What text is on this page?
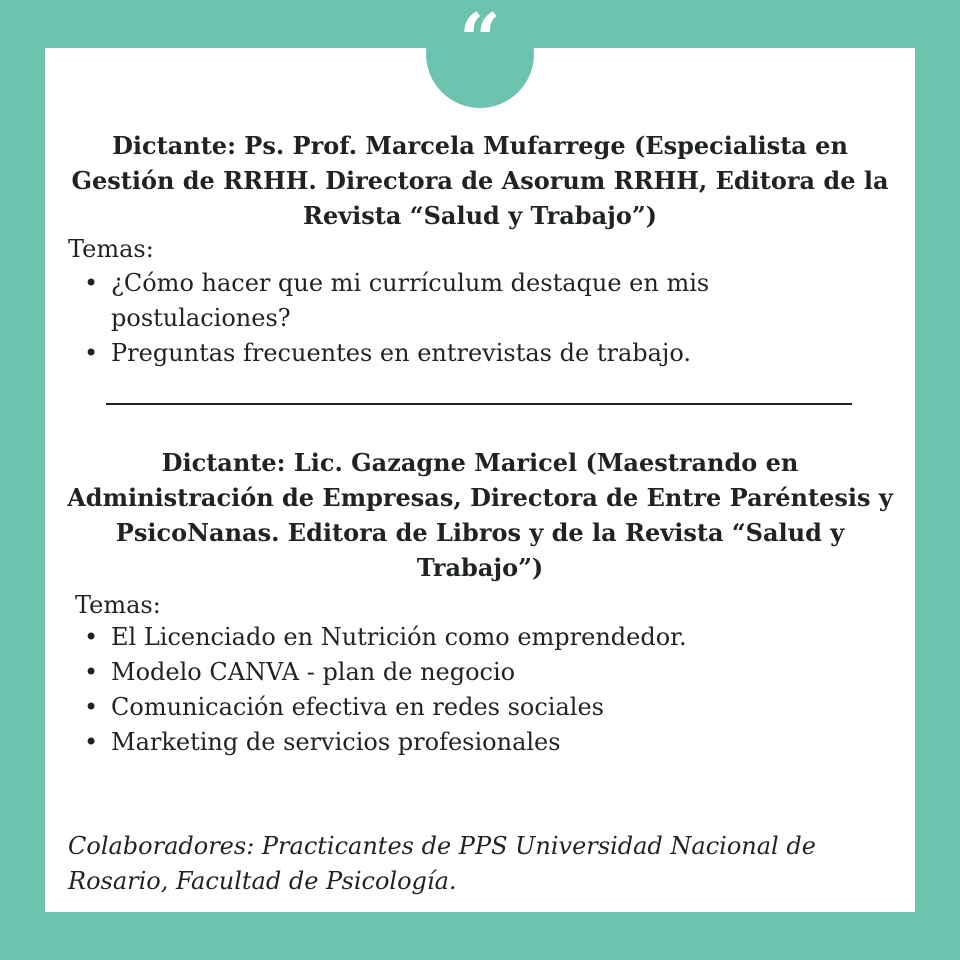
“
Dictante: Ps. Prof. Marcela Mufarrege (Especialista en Gestión de RRHH. Directora de Asorum RRHH, Editora de la Revista “Salud y Trabajo”)
Temas:
• ¿Cómo hacer que mi currículum destaque en mis postulaciones?
• Preguntas frecuentes en entrevistas de trabajo.
Dictante: Lic. Gazagne Maricel (Maestrando en Administración de Empresas, Directora de Entre Paréntesis y PsicoNanas. Editora de Libros y de la Revista “Salud y Trabajo”)
Temas:
• El Licenciado en Nutrición como emprendedor.
• Modelo CANVA - plan de negocio
• Comunicación efectiva en redes sociales
• Marketing de servicios profesionales
Colaboradores: Practicantes de PPS Universidad Nacional de Rosario, Facultad de Psicología.
